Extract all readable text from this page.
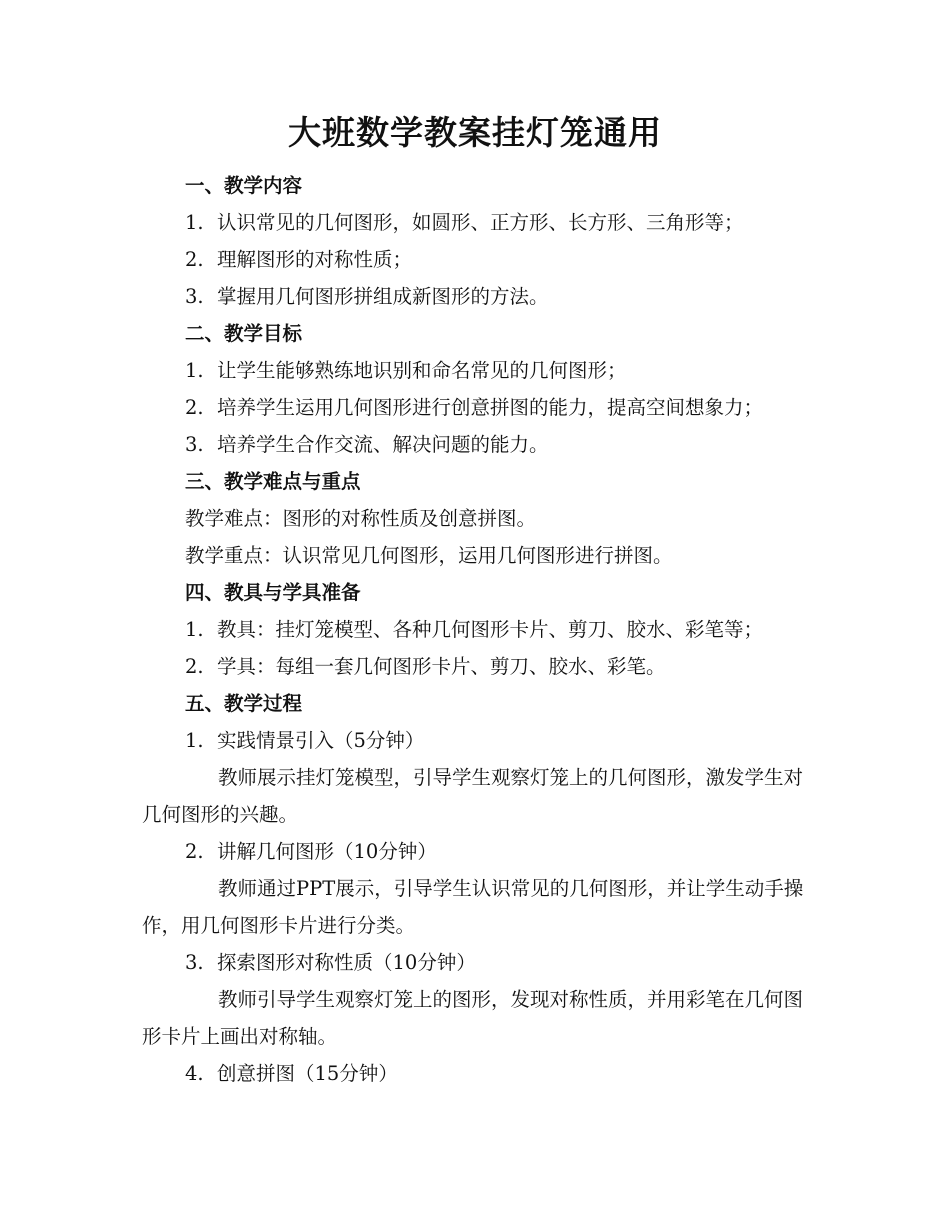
大班数学教案挂灯笼通用
一、教学内容
1. 认识常见的几何图形，如圆形、正方形、长方形、三角形等；
2. 理解图形的对称性质；
3. 掌握用几何图形拼组成新图形的方法。
二、教学目标
1. 让学生能够熟练地识别和命名常见的几何图形；
2. 培养学生运用几何图形进行创意拼图的能力，提高空间想象力；
3. 培养学生合作交流、解决问题的能力。
三、教学难点与重点
教学难点：图形的对称性质及创意拼图。
教学重点：认识常见几何图形，运用几何图形进行拼图。
四、教具与学具准备
1. 教具：挂灯笼模型、各种几何图形卡片、剪刀、胶水、彩笔等；
2. 学具：每组一套几何图形卡片、剪刀、胶水、彩笔。
五、教学过程
1. 实践情景引入（5分钟）
教师展示挂灯笼模型，引导学生观察灯笼上的几何图形，激发学生对几何图形的兴趣。
2. 讲解几何图形（10分钟）
教师通过PPT展示，引导学生认识常见的几何图形，并让学生动手操作，用几何图形卡片进行分类。
3. 探索图形对称性质（10分钟）
教师引导学生观察灯笼上的图形，发现对称性质，并用彩笔在几何图形卡片上画出对称轴。
4. 创意拼图（15分钟）
